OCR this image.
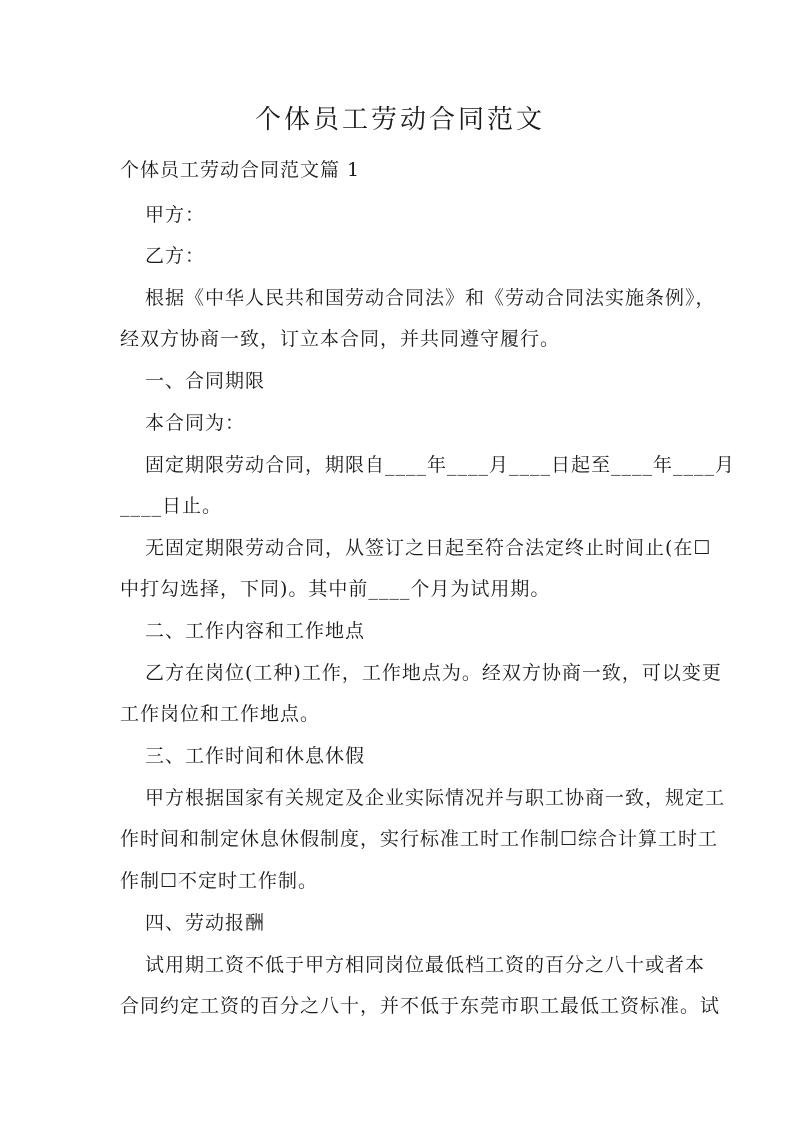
个体员工劳动合同范文
个体员工劳动合同范文篇 1
甲方：
乙方：
根据《中华人民共和国劳动合同法》和《劳动合同法实施条例》，
经双方协商一致，订立本合同，并共同遵守履行。
一、合同期限
本合同为：
固定期限劳动合同，期限自____年____月____日起至____年____月
____日止。
无固定期限劳动合同，从签订之日起至符合法定终止时间止(在☐
中打勾选择，下同)。其中前____个月为试用期。
二、工作内容和工作地点
乙方在岗位(工种)工作，工作地点为。经双方协商一致，可以变更
工作岗位和工作地点。
三、工作时间和休息休假
甲方根据国家有关规定及企业实际情况并与职工协商一致，规定工
作时间和制定休息休假制度，实行标准工时工作制☐综合计算工时工
作制☐不定时工作制。
四、劳动报酬
试用期工资不低于甲方相同岗位最低档工资的百分之八十或者本
合同约定工资的百分之八十，并不低于东莞市职工最低工资标准。试
